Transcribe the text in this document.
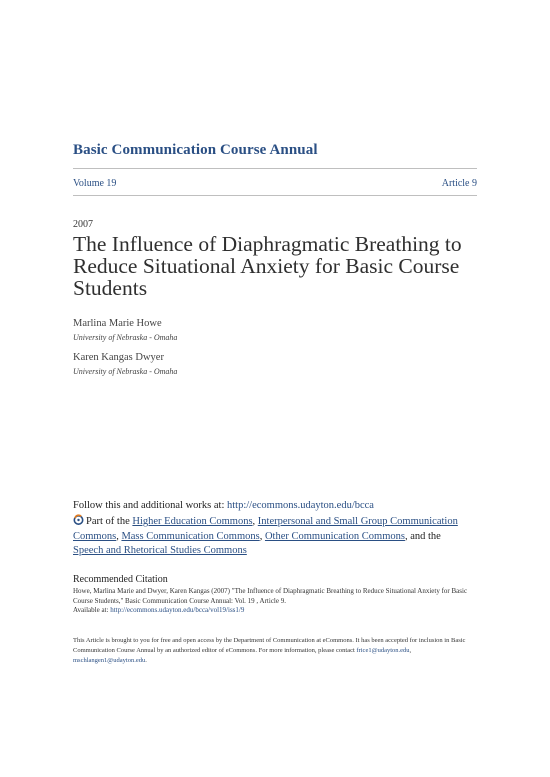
Basic Communication Course Annual
Volume 19	Article 9
2007
The Influence of Diaphragmatic Breathing to Reduce Situational Anxiety for Basic Course Students
Marlina Marie Howe
University of Nebraska - Omaha
Karen Kangas Dwyer
University of Nebraska - Omaha
Follow this and additional works at: http://ecommons.udayton.edu/bcca
Part of the Higher Education Commons, Interpersonal and Small Group Communication Commons, Mass Communication Commons, Other Communication Commons, and the Speech and Rhetorical Studies Commons
Recommended Citation
Howe, Marlina Marie and Dwyer, Karen Kangas (2007) "The Influence of Diaphragmatic Breathing to Reduce Situational Anxiety for Basic Course Students," Basic Communication Course Annual: Vol. 19 , Article 9.
Available at: http://ecommons.udayton.edu/bcca/vol19/iss1/9
This Article is brought to you for free and open access by the Department of Communication at eCommons. It has been accepted for inclusion in Basic Communication Course Annual by an authorized editor of eCommons. For more information, please contact frice1@udayton.edu, mschlangen1@udayton.edu.
